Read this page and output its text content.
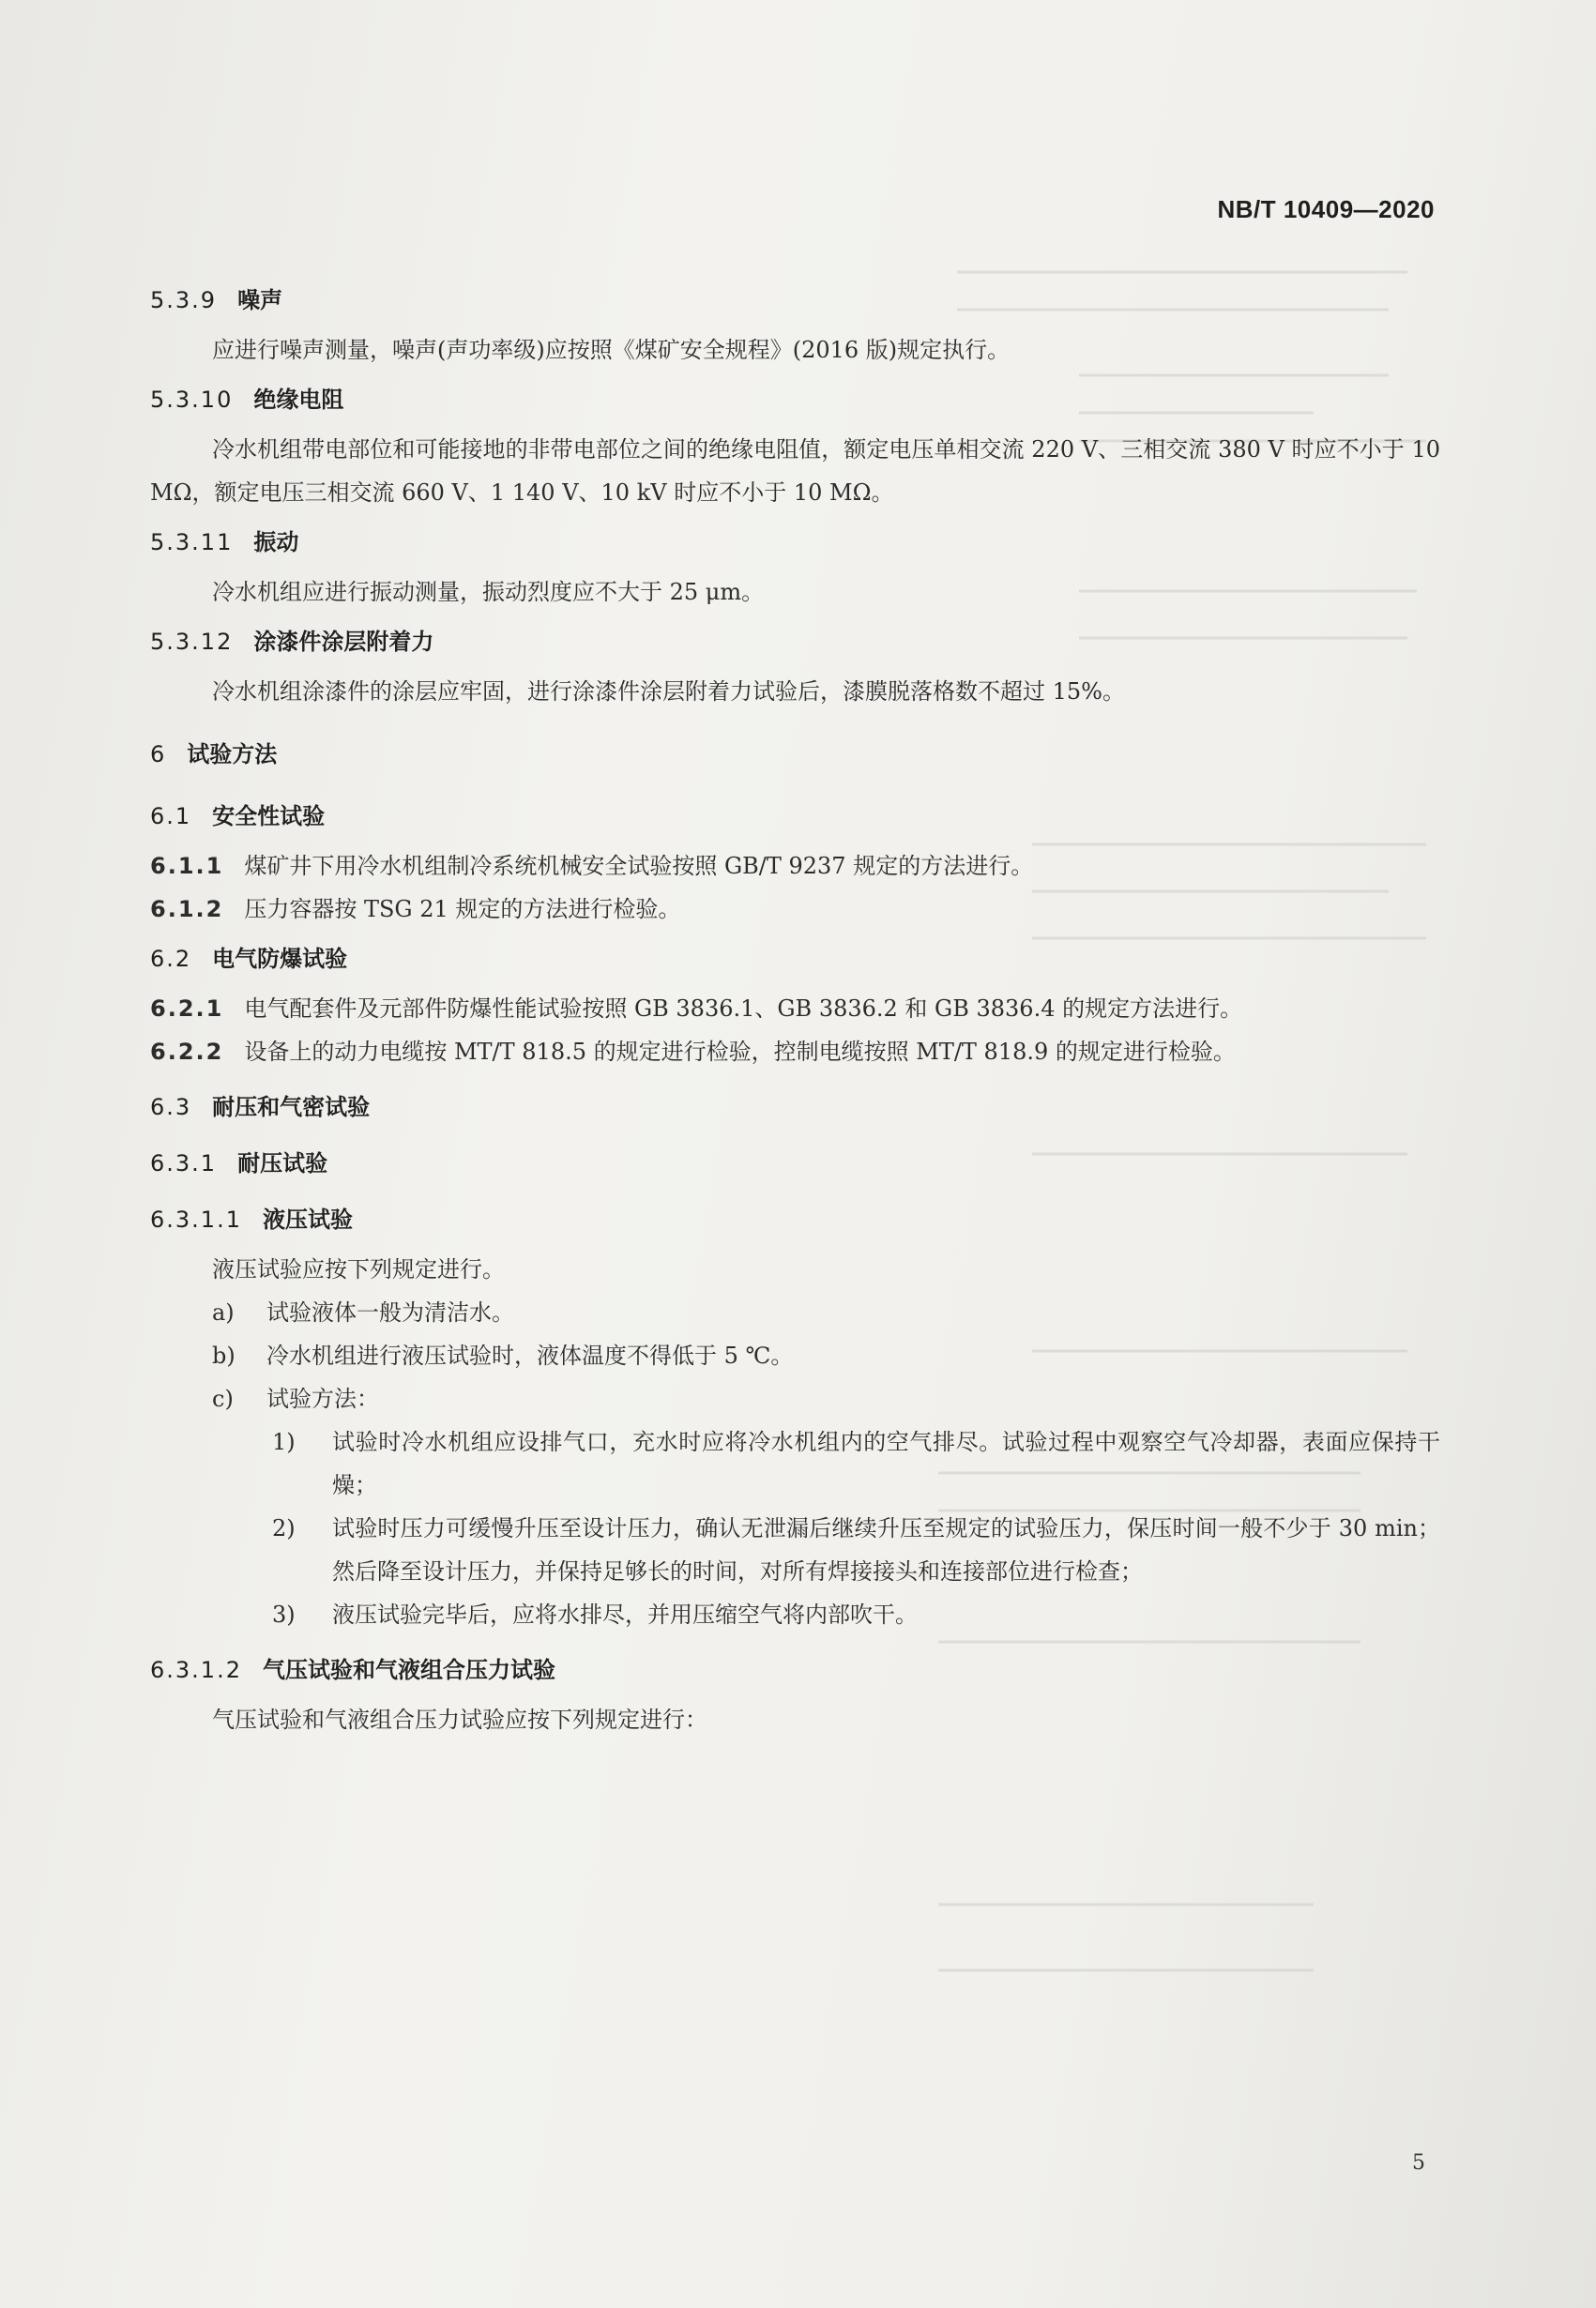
NB/T 10409—2020
5.3.9 噪声

应进行噪声测量，噪声(声功率级)应按照《煤矿安全规程》(2016 版)规定执行。

5.3.10 绝缘电阻

冷水机组带电部位和可能接地的非带电部位之间的绝缘电阻值，额定电压单相交流 220 V、三相交流 380 V 时应不小于 10 MΩ，额定电压三相交流 660 V、1 140 V、10 kV 时应不小于 10 MΩ。

5.3.11 振动

冷水机组应进行振动测量，振动烈度应不大于 25 μm。

5.3.12 涂漆件涂层附着力

冷水机组涂漆件的涂层应牢固，进行涂漆件涂层附着力试验后，漆膜脱落格数不超过 15%。

6 试验方法
6.1 安全性试验

6.1.1 煤矿井下用冷水机组制冷系统机械安全试验按照 GB/T 9237 规定的方法进行。

6.1.2 压力容器按 TSG 21 规定的方法进行检验。

6.2 电气防爆试验

6.2.1 电气配套件及元部件防爆性能试验按照 GB 3836.1、GB 3836.2 和 GB 3836.4 的规定方法进行。

6.2.2 设备上的动力电缆按 MT/T 818.5 的规定进行检验，控制电缆按照 MT/T 818.9 的规定进行检验。

6.3 耐压和气密试验
6.3.1 耐压试验
6.3.1.1 液压试验

液压试验应按下列规定进行。

a)	试验液体一般为清洁水。
b)	冷水机组进行液压试验时，液体温度不得低于 5 ℃。
c)	试验方法：
1)	试验时冷水机组应设排气口，充水时应将冷水机组内的空气排尽。试验过程中观察空气冷却器，表面应保持干燥；
2)	试验时压力可缓慢升压至设计压力，确认无泄漏后继续升压至规定的试验压力，保压时间一般不少于 30 min；然后降至设计压力，并保持足够长的时间，对所有焊接接头和连接部位进行检查；
3)	液压试验完毕后，应将水排尽，并用压缩空气将内部吹干。
6.3.1.2 气压试验和气液组合压力试验

气压试验和气液组合压力试验应按下列规定进行：

5
